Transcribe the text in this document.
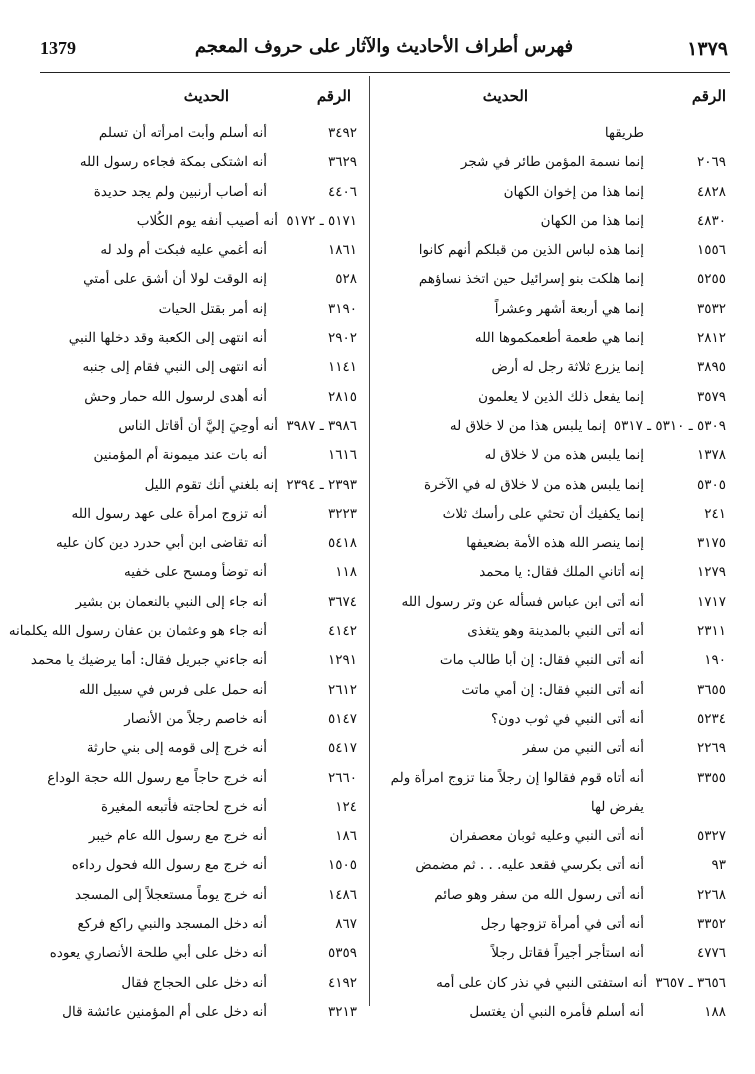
1379	فهرس أطراف الأحاديث والآثار على حروف المعجم	١٣٧٩
الرقم
الحديث
طريقها
٢٠٦٩
إنما نسمة المؤمن طائر في شجر
٤٨٢٨
إنما هذا من إخوان الكهان
٤٨٣٠
إنما هذا من الكهان
١٥٥٦
إنما هذه لباس الذين من قبلكم أنهم كانوا
٥٢٥٥
إنما هلكت بنو إسرائيل حين اتخذ نساؤهم
٣٥٣٢
إنما هي أربعة أشهر وعشراً
٢٨١٢
إنما هي طعمة أطعمكموها الله
٣٨٩٥
إنما يزرع ثلاثة رجل له أرض
٣٥٧٩
إنما يفعل ذلك الذين لا يعلمون
٥٣٠٩ ـ ٥٣١٠ ـ ٥٣١٧
إنما يلبس هذا من لا خلاق له
١٣٧٨
إنما يلبس هذه من لا خلاق له
٥٣٠٥
إنما يلبس هذه من لا خلاق له في الآخرة
٢٤١
إنما يكفيك أن تحثي على رأسك ثلاث
٣١٧٥
إنما ينصر الله هذه الأمة بضعيفها
١٢٧٩
إنه أتاني الملك فقال: يا محمد
١٧١٧
أنه أتى ابن عباس فسأله عن وتر رسول الله
٢٣١١
أنه أتى النبي بالمدينة وهو يتغذى
١٩٠
أنه أتى النبي فقال: إن أبا طالب مات
٣٦٥٥
أنه أتى النبي فقال: إن أمي ماتت
٥٢٣٤
أنه أتى النبي في ثوب دون؟
٢٢٦٩
أنه أتى النبي من سفر
٣٣٥٥
أنه أتاه قوم فقالوا إن رجلاً منا تزوج امرأة ولم
يفرض لها
٥٣٢٧
أنه أتى النبي وعليه ثوبان معصفران
٩٣
أنه أتى بكرسي فقعد عليه. . . ثم مضمض
٢٢٦٨
أنه أتى رسول الله من سفر وهو صائم
٣٣٥٢
أنه أتى في أمرأة تزوجها رجل
٤٧٧٦
أنه استأجر أجيراً فقاتل رجلاً
٣٦٥٦ ـ ٣٦٥٧
أنه استفتى النبي في نذر كان على أمه
١٨٨
أنه أسلم فأمره النبي أن يغتسل
الرقم
الحديث
٣٤٩٢
أنه أسلم وأبت امرأته أن تسلم
٣٦٢٩
أنه اشتكى بمكة فجاءه رسول الله
٤٤٠٦
أنه أصاب أرنبين ولم يجد حديدة
٥١٧١ ـ ٥١٧٢
أنه أصيب أنفه يوم الكُلاب
١٨٦١
أنه أغمي عليه فبكت أم ولد له
٥٢٨
إنه الوقت لولا أن أشق على أمتي
٣١٩٠
إنه أمر بقتل الحيات
٢٩٠٢
أنه انتهى إلى الكعبة وقد دخلها النبي
١١٤١
أنه انتهى إلى النبي فقام إلى جنبه
٢٨١٥
أنه أهدى لرسول الله حمار وحش
٣٩٨٦ ـ ٣٩٨٧
أنه أوحِيَ إليَّ أن أقاتل الناس
١٦١٦
أنه بات عند ميمونة أم المؤمنين
٢٣٩٣ ـ ٢٣٩٤
إنه بلغني أنك تقوم الليل
٣٢٢٣
أنه تزوج امرأة على عهد رسول الله
٥٤١٨
أنه تقاضى ابن أبي حدرد دين كان عليه
١١٨
أنه توضأ ومسح على خفيه
٣٦٧٤
أنه جاء إلى النبي بالنعمان بن بشير
٤١٤٢
أنه جاء هو وعثمان بن عفان رسول الله يكلمانه
١٢٩١
أنه جاءني جبريل فقال: أما يرضيك يا محمد
٢٦١٢
أنه حمل على فرس في سبيل الله
٥١٤٧
أنه خاصم رجلاً من الأنصار
٥٤١٧
أنه خرج إلى قومه إلى بني حارثة
٢٦٦٠
أنه خرج حاجاً مع رسول الله حجة الوداع
١٢٤
أنه خرج لحاجته فأتبعه المغيرة
١٨٦
أنه خرج مع رسول الله عام خيبر
١٥٠٥
أنه خرج مع رسول الله فحول رداءه
١٤٨٦
أنه خرج يوماً مستعجلاً إلى المسجد
٨٦٧
أنه دخل المسجد والنبي راكع فركع
٥٣٥٩
أنه دخل على أبي طلحة الأنصاري يعوده
٤١٩٢
أنه دخل على الحجاج فقال
٣٢١٣
أنه دخل على أم المؤمنين عائشة قال
